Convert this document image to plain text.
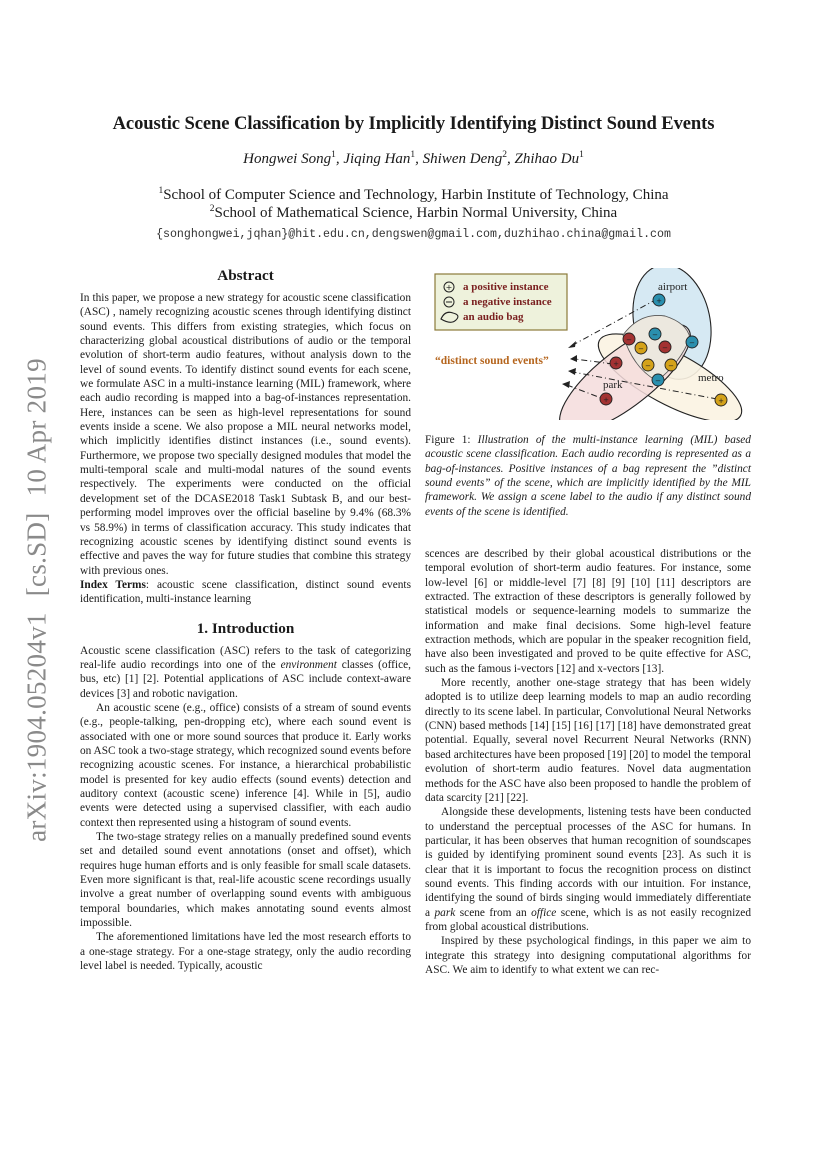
Acoustic Scene Classification by Implicitly Identifying Distinct Sound Events
Hongwei Song$^1$, Jiqing Han$^1$, Shiwen Deng$^2$, Zhihao Du$^1$
$^1$School of Computer Science and Technology, Harbin Institute of Technology, China
$^2$School of Mathematical Science, Harbin Normal University, China
{songhongwei,jqhan}@hit.edu.cn,dengswen@gmail.com,duzhihao.china@gmail.com
arXiv:1904.05204v1[cs.SD]10 Apr 2019
Abstract

In this paper, we propose a new strategy for acoustic scene classification (ASC) , namely recognizing acoustic scenes through identifying distinct sound events. This differs from existing strategies, which focus on characterizing global acoustical distributions of audio or the temporal evolution of short-term audio features, without analysis down to the level of sound events. To identify distinct sound events for each scene, we formulate ASC in a multi-instance learning (MIL) framework, where each audio recording is mapped into a bag-of-instances representation. Here, instances can be seen as high-level representations for sound events inside a scene. We also propose a MIL neural networks model, which implicitly identifies distinct instances (i.e., sound events). Furthermore, we propose two specially designed modules that model the multi-temporal scale and multi-modal natures of the sound events respectively. The experiments were conducted on the official development set of the DCASE2018 Task1 Subtask B, and our best-performing model improves over the official baseline by 9.4% (68.3% vs 58.9%) in terms of classification accuracy. This study indicates that recognizing acoustic scenes by identifying distinct sound events is effective and paves the way for future studies that combine this strategy with previous ones.

Index Terms: acoustic scene classification, distinct sound events identification, multi-instance learning

1. Introduction

Acoustic scene classification (ASC) refers to the task of categorizing real-life audio recordings into one of the environment classes (office, bus, etc) [1] [2]. Potential applications of ASC include context-aware devices [3] and robotic navigation.

An acoustic scene (e.g., office) consists of a stream of sound events (e.g., people-talking, pen-dropping etc), where each sound event is associated with one or more sound sources that produce it. Early works on ASC took a two-stage strategy, which recognized sound events before recognizing acoustic scenes. For instance, a hierarchical probabilistic model is presented for key audio effects (sound events) detection and auditory context (acoustic scene) inference [4]. While in [5], audio events were detected using a supervised classifier, with each audio context then represented using a histogram of sound events.

The two-stage strategy relies on a manually predefined sound events set and detailed sound event annotations (onset and offset), which requires huge human efforts and is only feasible for small scale datasets. Even more significant is that, real-life acoustic scene recordings usually involve a great number of overlapping sound events with ambiguous temporal boundaries, which makes annotating sound events almost impossible.

The aforementioned limitations have led the most research efforts to a one-stage strategy. For a one-stage strategy, only the audio recording level label is needed. Typically, acoustic

+ a positive instance
a negative instance
an audio bag
airport
park
metro
“distinct sound events”
+
+
+	+
−
−
−	−
−
− −
−
Figure 1: Illustration of the multi-instance learning (MIL) based acoustic scene classification. Each audio recording is represented as a bag-of-instances. Positive instances of a bag represent the ”distinct sound events” of the scene, which are implicitly identified by the MIL framework. We assign a scene label to the audio if any distinct sound events of the scene is identified.

scences are described by their global acoustical distributions or the temporal evolution of short-term audio features. For instance, some low-level [6] or middle-level [7] [8] [9] [10] [11] descriptors are extracted. The extraction of these descriptors is generally followed by statistical models or sequence-learning models to summarize the information and make final decisions. Some high-level feature extraction methods, which are popular in the speaker recognition field, have also been investigated and proved to be quite effective for ASC, such as the famous i-vectors [12] and x-vectors [13].

More recently, another one-stage strategy that has been widely adopted is to utilize deep learning models to map an audio recording directly to its scene label. In particular, Convolutional Neural Networks (CNN) based methods [14] [15] [16] [17] [18] have demonstrated great potential. Equally, several novel Recurrent Neural Networks (RNN) based architectures have been proposed [19] [20] to model the temporal evolution of short-term audio features. Novel data augmentation methods for the ASC have also been proposed to handle the problem of data scarcity [21] [22].

Alongside these developments, listening tests have been conducted to understand the perceptual processes of the ASC for humans. In particular, it has been observes that human recognition of soundscapes is guided by identifying prominent sound events [23]. As such it is clear that it is important to focus the recognition process on distinct sound events. This finding accords with our intuition. For instance, identifying the sound of birds singing would immediately differentiate a park scene from an office scene, which is as not easily recognized from global acoustical distributions.

Inspired by these psychological findings, in this paper we aim to integrate this strategy into designing computational algorithms for ASC. We aim to identify to what extent we can rec-
